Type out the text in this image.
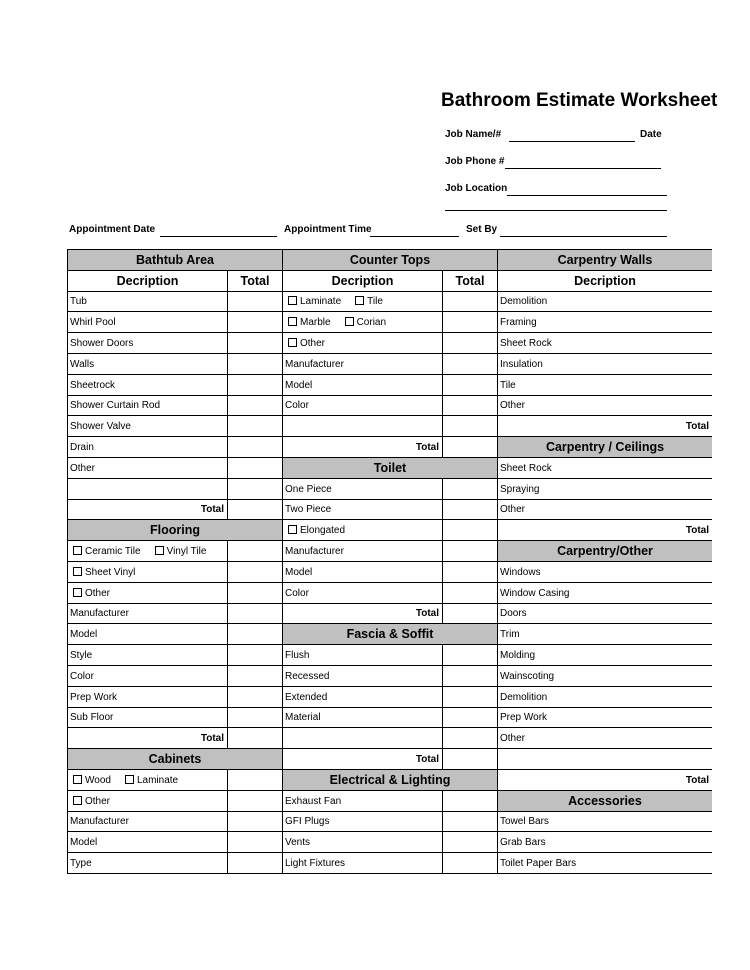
Bathroom Estimate Worksheet
Job Name/#	Date
Job Phone #
Job Location
Appointment Date	Appointment Time	Set By
Bathtub Area
Decription	Total
Tub
Whirl Pool
Shower Doors
Walls
Sheetrock
Shower Curtain Rod
Shower Valve
Drain
Other
Total
Flooring
Ceramic Tile	Vinyl Tile
Sheet Vinyl
Other
Manufacturer
Model
Style
Color
Prep Work
Sub Floor
Total
Cabinets
Wood	Laminate
Other
Manufacturer
Model
Type
Counter Tops
Decription	Total
Laminate	Tile
Marble	Corian
Other
Manufacturer
Model
Color
Total
Toilet
One Piece
Two Piece
Elongated
Manufacturer
Model
Color
Total
Fascia & Soffit
Flush
Recessed
Extended
Material
Total
Electrical & Lighting
Exhaust Fan
GFI Plugs
Vents
Light Fixtures
Carpentry Walls
Decription
Demolition
Framing
Sheet Rock
Insulation
Tile
Other
Total
Carpentry / Ceilings
Sheet Rock
Spraying
Other
Total
Carpentry/Other
Windows
Window Casing
Doors
Trim
Molding
Wainscoting
Demolition
Prep Work
Other
Total
Accessories
Towel Bars
Grab Bars
Toilet Paper Bars
